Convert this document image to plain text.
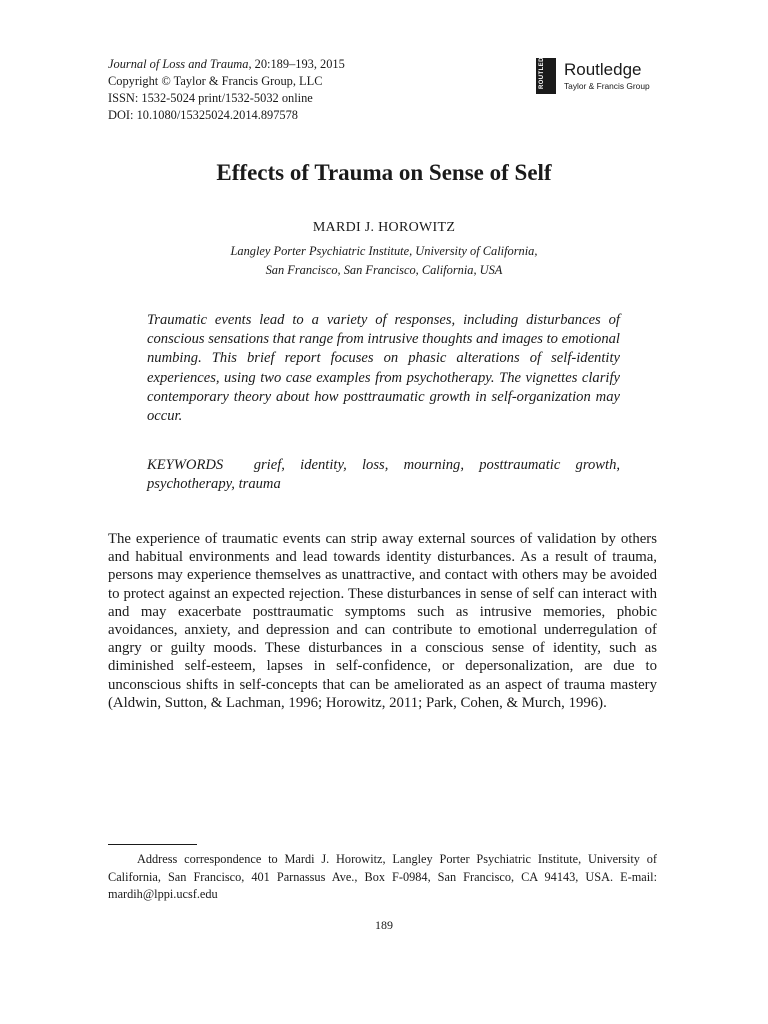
Journal of Loss and Trauma, 20:189–193, 2015
Copyright © Taylor & Francis Group, LLC
ISSN: 1532-5024 print/1532-5032 online
DOI: 10.1080/15325024.2014.897578
ROUTLEDGE Routledge
Taylor & Francis Group
Effects of Trauma on Sense of Self
MARDI J. HOROWITZ
Langley Porter Psychiatric Institute, University of California,
San Francisco, San Francisco, California, USA

Traumatic events lead to a variety of responses, including disturbances of conscious sensations that range from intrusive thoughts and images to emotional numbing. This brief report focuses on phasic alterations of self-identity experiences, using two case examples from psychotherapy. The vignettes clarify contemporary theory about how posttraumatic growth in self-organization may occur.

KEYWORDS grief, identity, loss, mourning, posttraumatic growth, psychotherapy, trauma

The experience of traumatic events can strip away external sources of validation by others and habitual environments and lead towards identity disturbances. As a result of trauma, persons may experience themselves as unattractive, and contact with others may be avoided to protect against an expected rejection. These disturbances in sense of self can interact with and may exacerbate posttraumatic symptoms such as intrusive memories, phobic avoidances, anxiety, and depression and can contribute to emotional underregulation of angry or guilty moods. These disturbances in a conscious sense of identity, such as diminished self-esteem, lapses in self-confidence, or depersonalization, are due to unconscious shifts in self-concepts that can be ameliorated as an aspect of trauma mastery (Aldwin, Sutton, & Lachman, 1996; Horowitz, 2011; Park, Cohen, & Murch, 1996).

Address correspondence to Mardi J. Horowitz, Langley Porter Psychiatric Institute, University of California, San Francisco, 401 Parnassus Ave., Box F-0984, San Francisco, CA 94143, USA. E-mail: mardih@lppi.ucsf.edu

189
